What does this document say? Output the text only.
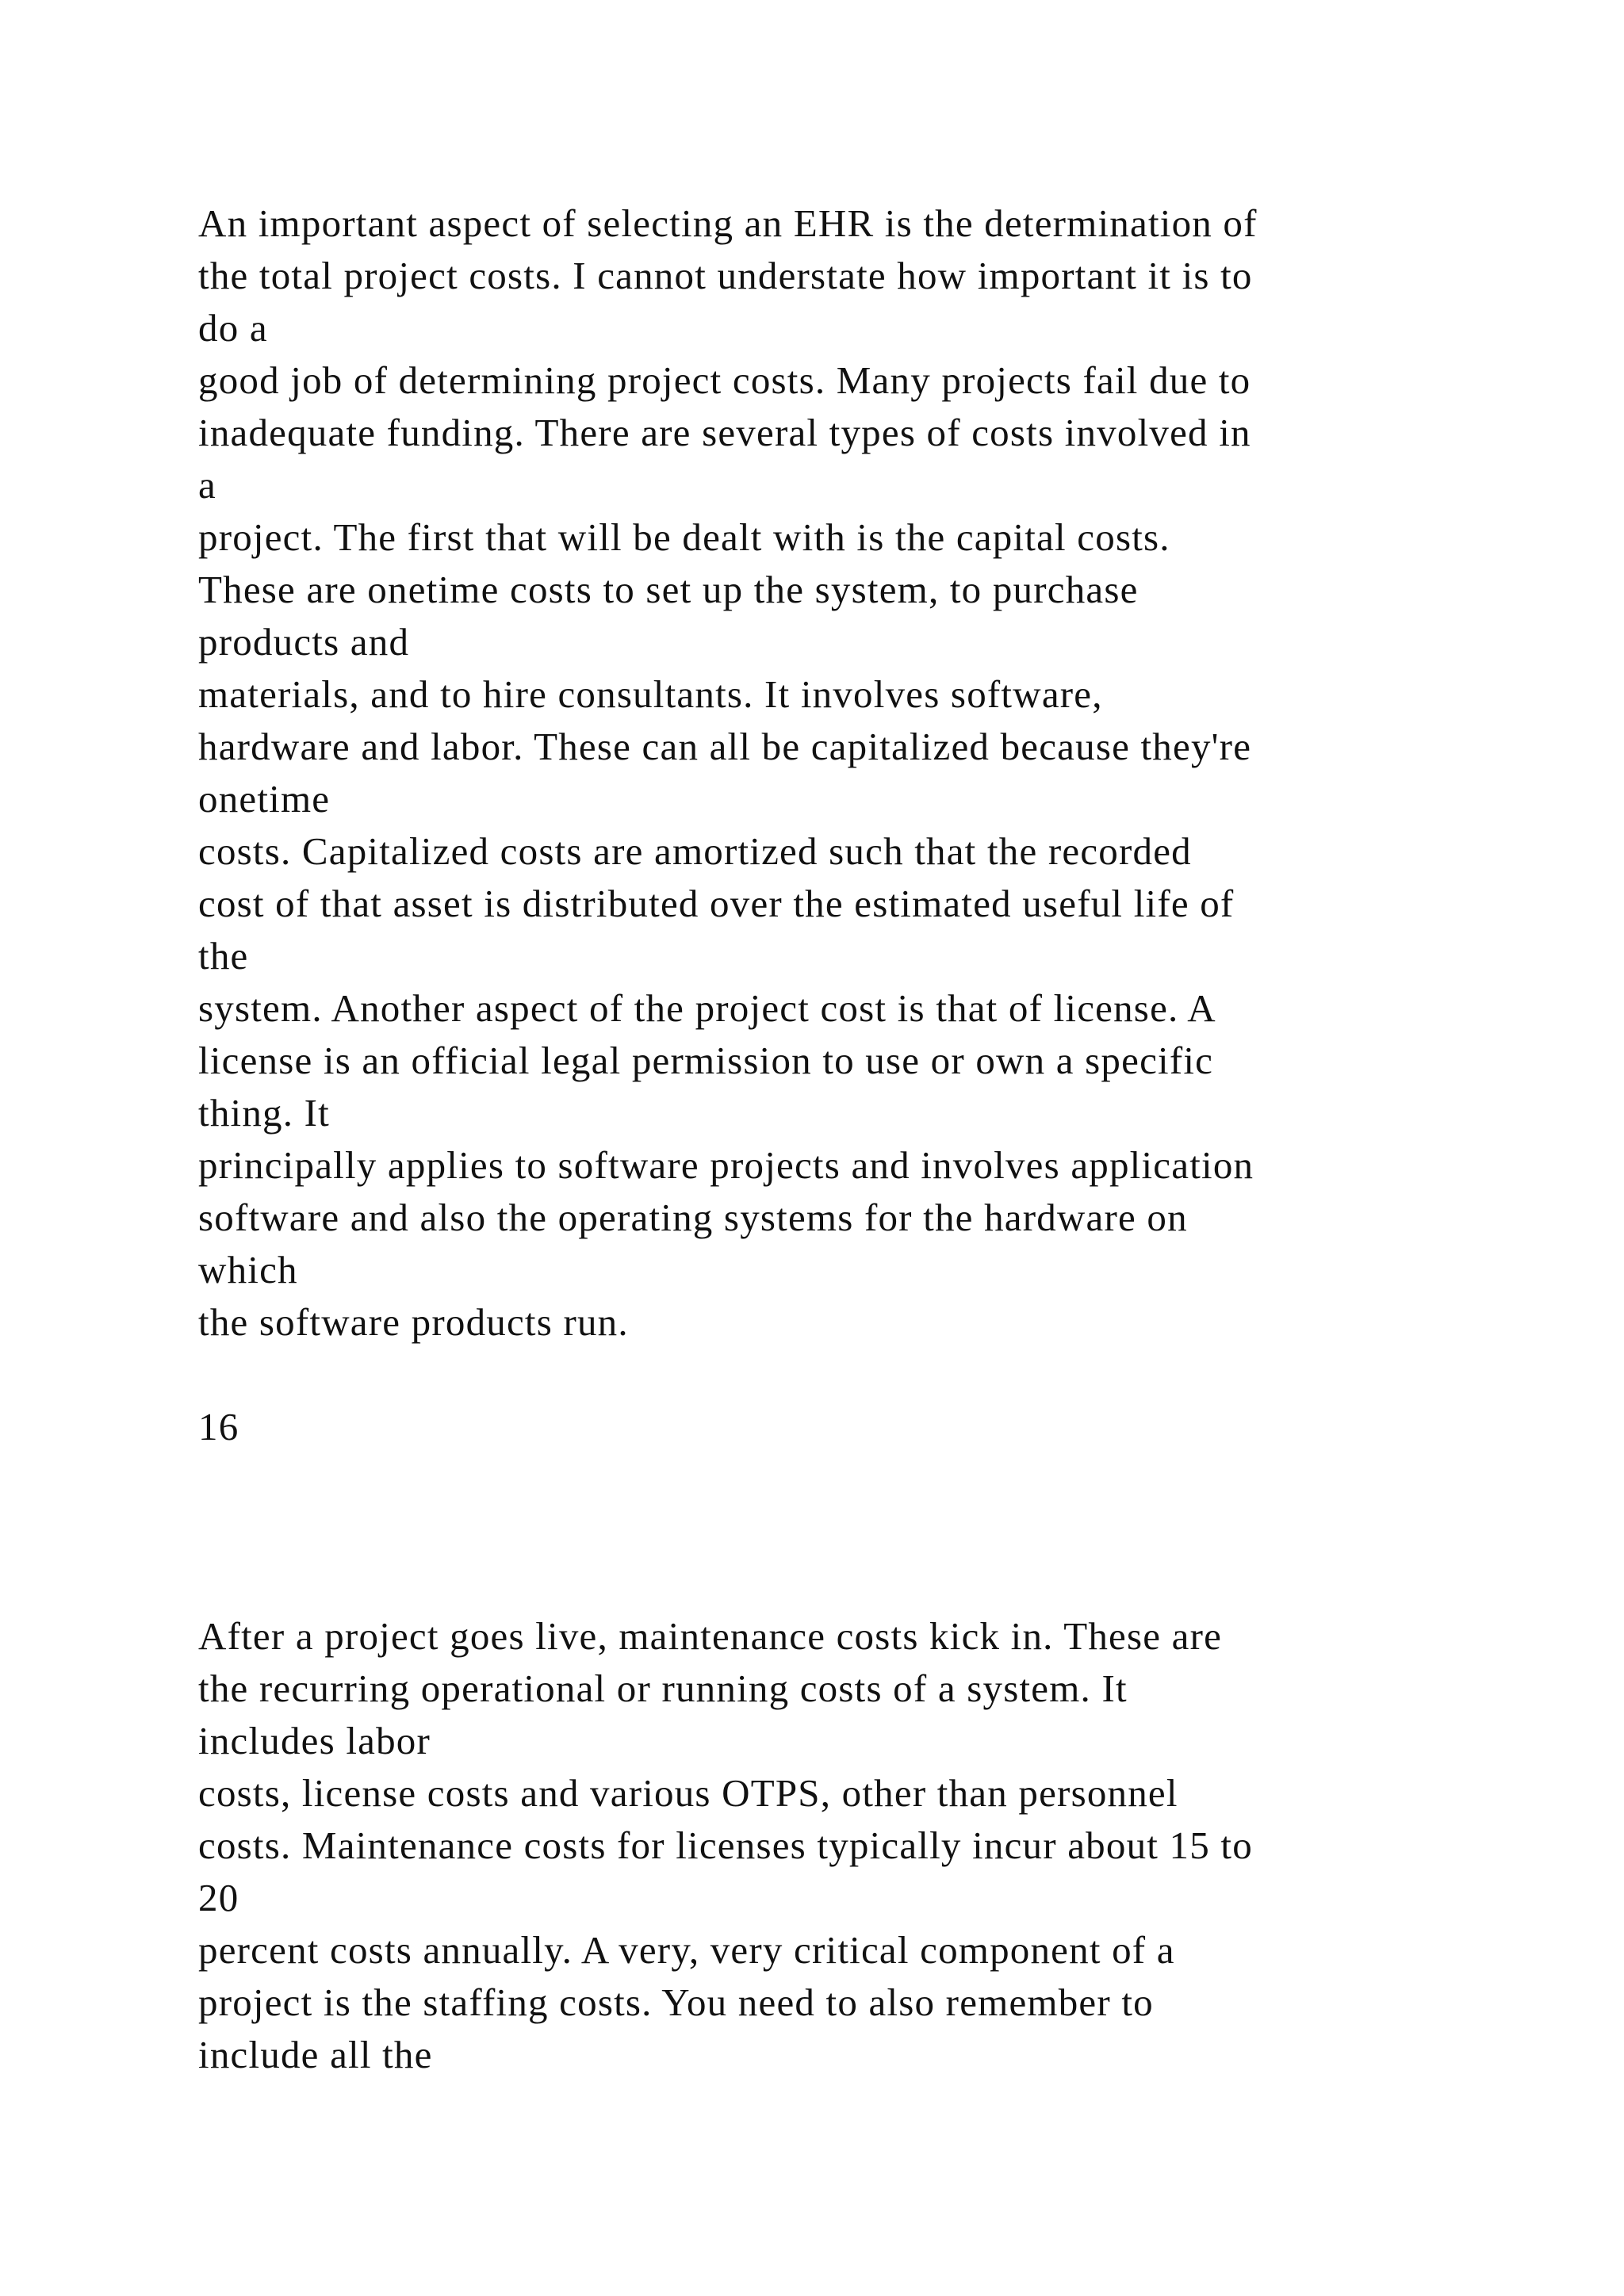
An important aspect of selecting an EHR is the determination of
the total project costs. I cannot understate how important it is to
do a
good job of determining project costs. Many projects fail due to
inadequate funding. There are several types of costs involved in
a
project. The first that will be dealt with is the capital costs.
These are onetime costs to set up the system, to purchase
products and
materials, and to hire consultants. It involves software,
hardware and labor. These can all be capitalized because they're
onetime
costs. Capitalized costs are amortized such that the recorded
cost of that asset is distributed over the estimated useful life of
the
system. Another aspect of the project cost is that of license. A
license is an official legal permission to use or own a specific
thing. It
principally applies to software projects and involves application
software and also the operating systems for the hardware on
which
the software products run.
16
After a project goes live, maintenance costs kick in. These are
the recurring operational or running costs of a system. It
includes labor
costs, license costs and various OTPS, other than personnel
costs. Maintenance costs for licenses typically incur about 15 to
20
percent costs annually. A very, very critical component of a
project is the staffing costs. You need to also remember to
include all the
